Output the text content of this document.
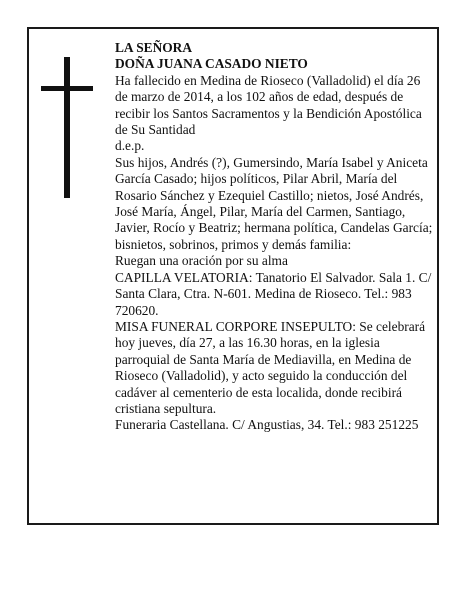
LA SEÑORA

DOÑA JUANA CASADO NIETO

Ha fallecido en Medina de Rioseco (Valladolid) el día 26 de marzo de 2014, a los 102 años de edad, después de recibir los Santos Sacramentos y la Bendición Apostólica de Su Santidad

d.e.p.

Sus hijos, Andrés (?), Gumersindo, María Isabel y Aniceta García Casado; hijos políticos, Pilar Abril, María del Rosario Sánchez y Ezequiel Castillo; nietos, José Andrés, José María, Ángel, Pilar, María del Carmen, Santiago, Javier, Rocío y Beatriz; hermana política, Candelas García; bisnietos, sobrinos, primos y demás familia:

Ruegan una oración por su alma

CAPILLA VELATORIA: Tanatorio El Salvador. Sala 1. C/ Santa Clara, Ctra. N-601. Medina de Rioseco. Tel.: 983 720620.

MISA FUNERAL CORPORE INSEPULTO: Se celebrará hoy jueves, día 27, a las 16.30 horas, en la iglesia parroquial de Santa María de Mediavilla, en Medina de Rioseco (Valladolid), y acto seguido la conducción del cadáver al cementerio de esta localida, donde recibirá cristiana sepultura.

Funeraria Castellana. C/ Angustias, 34. Tel.: 983 251225
